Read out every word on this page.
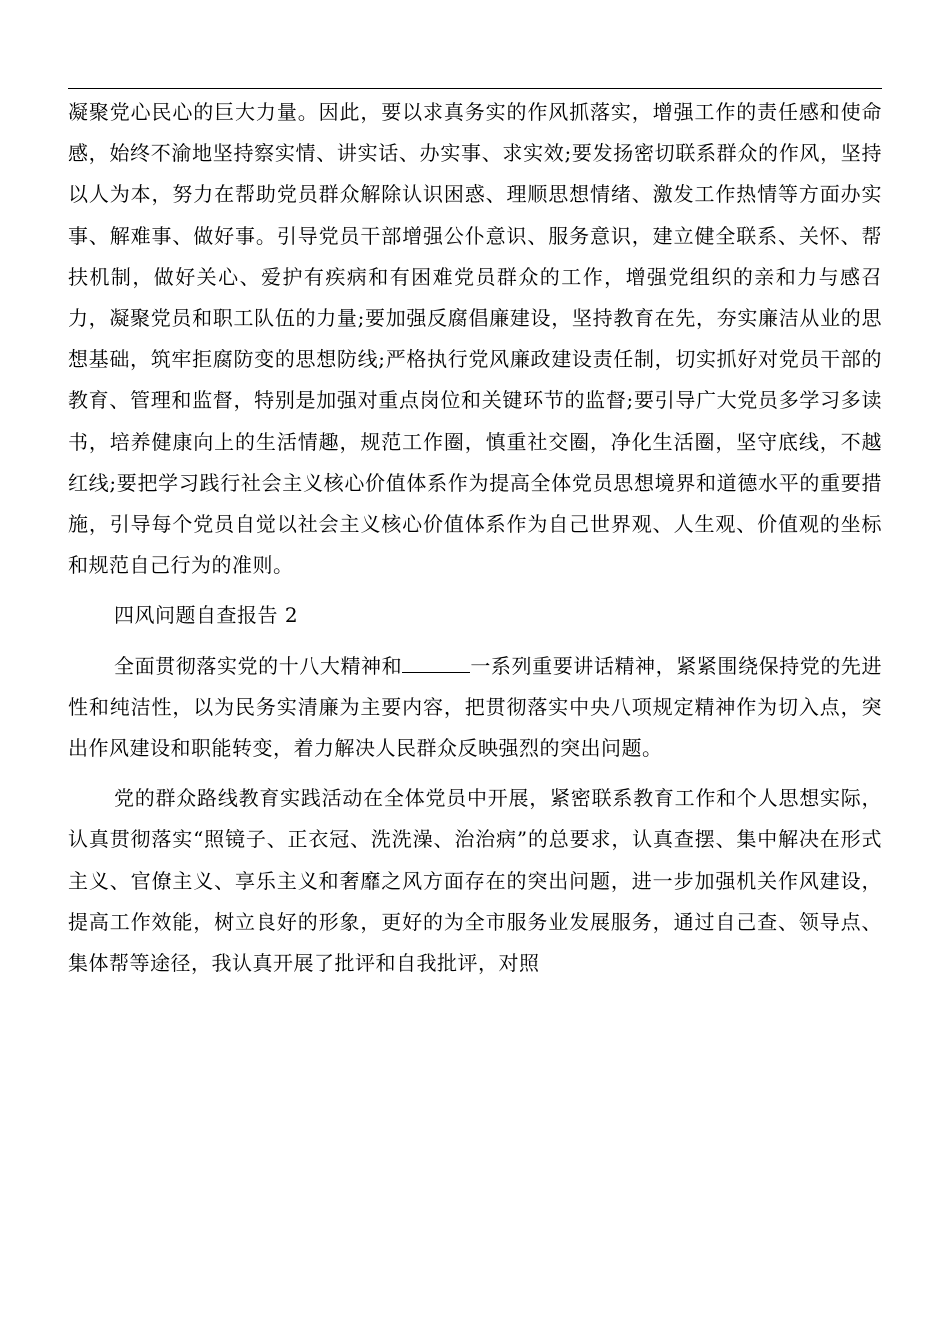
凝聚党心民心的巨大力量。因此，要以求真务实的作风抓落实，增强工作的责任感和使命感，始终不渝地坚持察实情、讲实话、办实事、求实效;要发扬密切联系群众的作风，坚持以人为本，努力在帮助党员群众解除认识困惑、理顺思想情绪、激发工作热情等方面办实事、解难事、做好事。引导党员干部增强公仆意识、服务意识，建立健全联系、关怀、帮扶机制，做好关心、爱护有疾病和有困难党员群众的工作，增强党组织的亲和力与感召力，凝聚党员和职工队伍的力量;要加强反腐倡廉建设，坚持教育在先，夯实廉洁从业的思想基础，筑牢拒腐防变的思想防线;严格执行党风廉政建设责任制，切实抓好对党员干部的教育、管理和监督，特别是加强对重点岗位和关键环节的监督;要引导广大党员多学习多读书，培养健康向上的生活情趣，规范工作圈，慎重社交圈，净化生活圈，坚守底线，不越红线;要把学习践行社会主义核心价值体系作为提高全体党员思想境界和道德水平的重要措施，引导每个党员自觉以社会主义核心价值体系作为自己世界观、人生观、价值观的坐标和规范自己行为的准则。

四风问题自查报告 2

全面贯彻落实党的十八大精神和	一系列重要讲话精神，紧紧围绕保持党的先进性和纯洁性，以为民务实清廉为主要内容，把贯彻落实中央八项规定精神作为切入点，突出作风建设和职能转变，着力解决人民群众反映强烈的突出问题。

党的群众路线教育实践活动在全体党员中开展，紧密联系教育工作和个人思想实际，认真贯彻落实“照镜子、正衣冠、洗洗澡、治治病”的总要求，认真查摆、集中解决在形式主义、官僚主义、享乐主义和奢靡之风方面存在的突出问题，进一步加强机关作风建设，提高工作效能，树立良好的形象，更好的为全市服务业发展服务，通过自己查、领导点、集体帮等途径，我认真开展了批评和自我批评，对照
